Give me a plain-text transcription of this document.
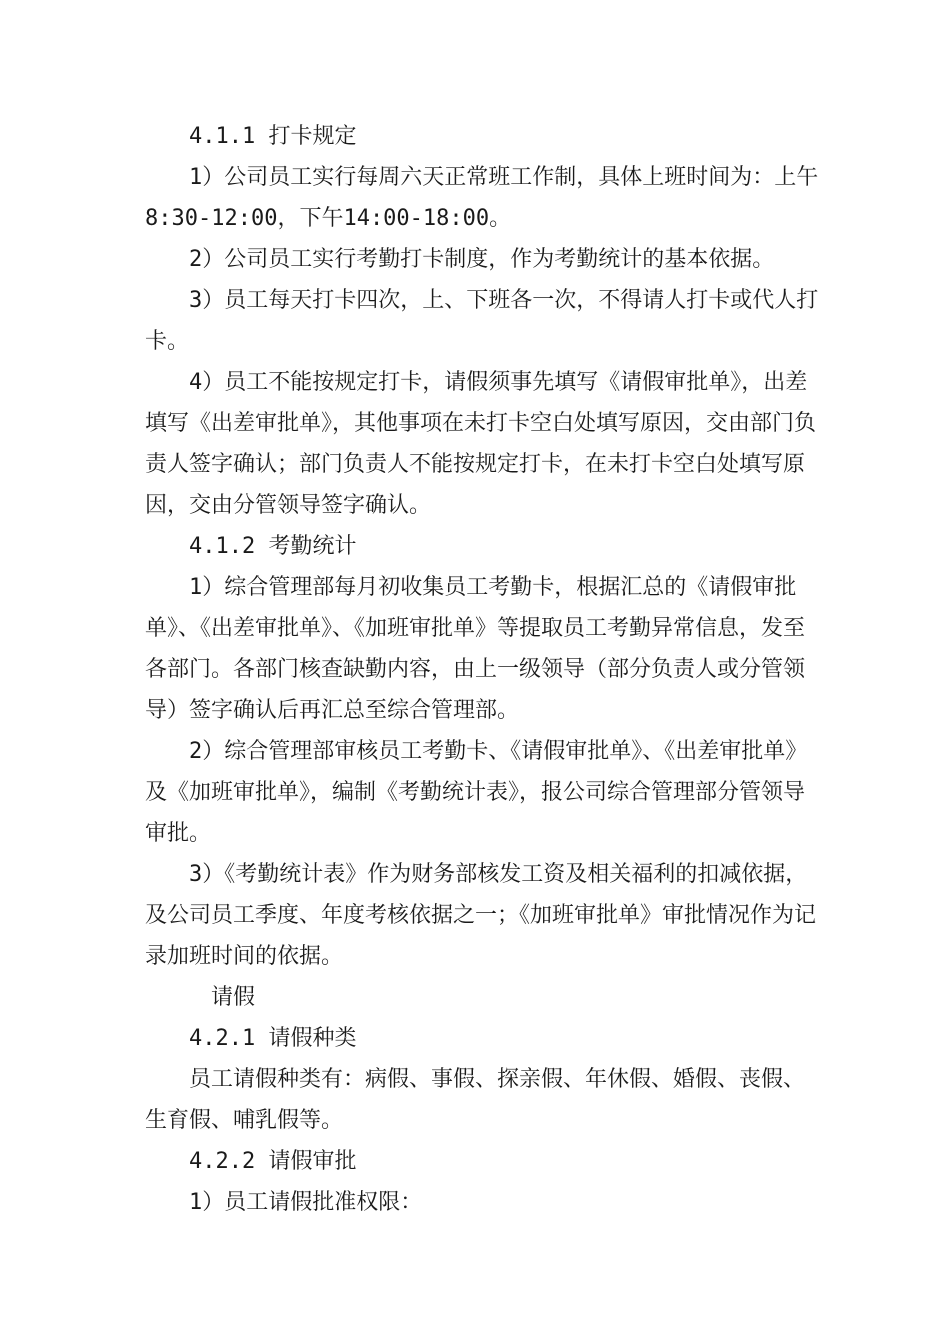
4.1.1 打卡规定

1）公司员工实行每周六天正常班工作制，具体上班时间为：上午8:30-12:00，下午14:00-18:00。

2）公司员工实行考勤打卡制度，作为考勤统计的基本依据。

3）员工每天打卡四次，上、下班各一次，不得请人打卡或代人打卡。

4）员工不能按规定打卡，请假须事先填写《请假审批单》，出差填写《出差审批单》，其他事项在未打卡空白处填写原因，交由部门负责人签字确认；部门负责人不能按规定打卡，在未打卡空白处填写原因，交由分管领导签字确认。

4.1.2 考勤统计

1）综合管理部每月初收集员工考勤卡，根据汇总的《请假审批单》、《出差审批单》、《加班审批单》等提取员工考勤异常信息，发至各部门。各部门核查缺勤内容，由上一级领导（部分负责人或分管领导）签字确认后再汇总至综合管理部。

2）综合管理部审核员工考勤卡、《请假审批单》、《出差审批单》及《加班审批单》，编制《考勤统计表》，报公司综合管理部分管领导审批。

3）《考勤统计表》作为财务部核发工资及相关福利的扣减依据，及公司员工季度、年度考核依据之一；《加班审批单》审批情况作为记录加班时间的依据。

请假

4.2.1 请假种类

员工请假种类有：病假、事假、探亲假、年休假、婚假、丧假、生育假、哺乳假等。

4.2.2 请假审批

1）员工请假批准权限：
